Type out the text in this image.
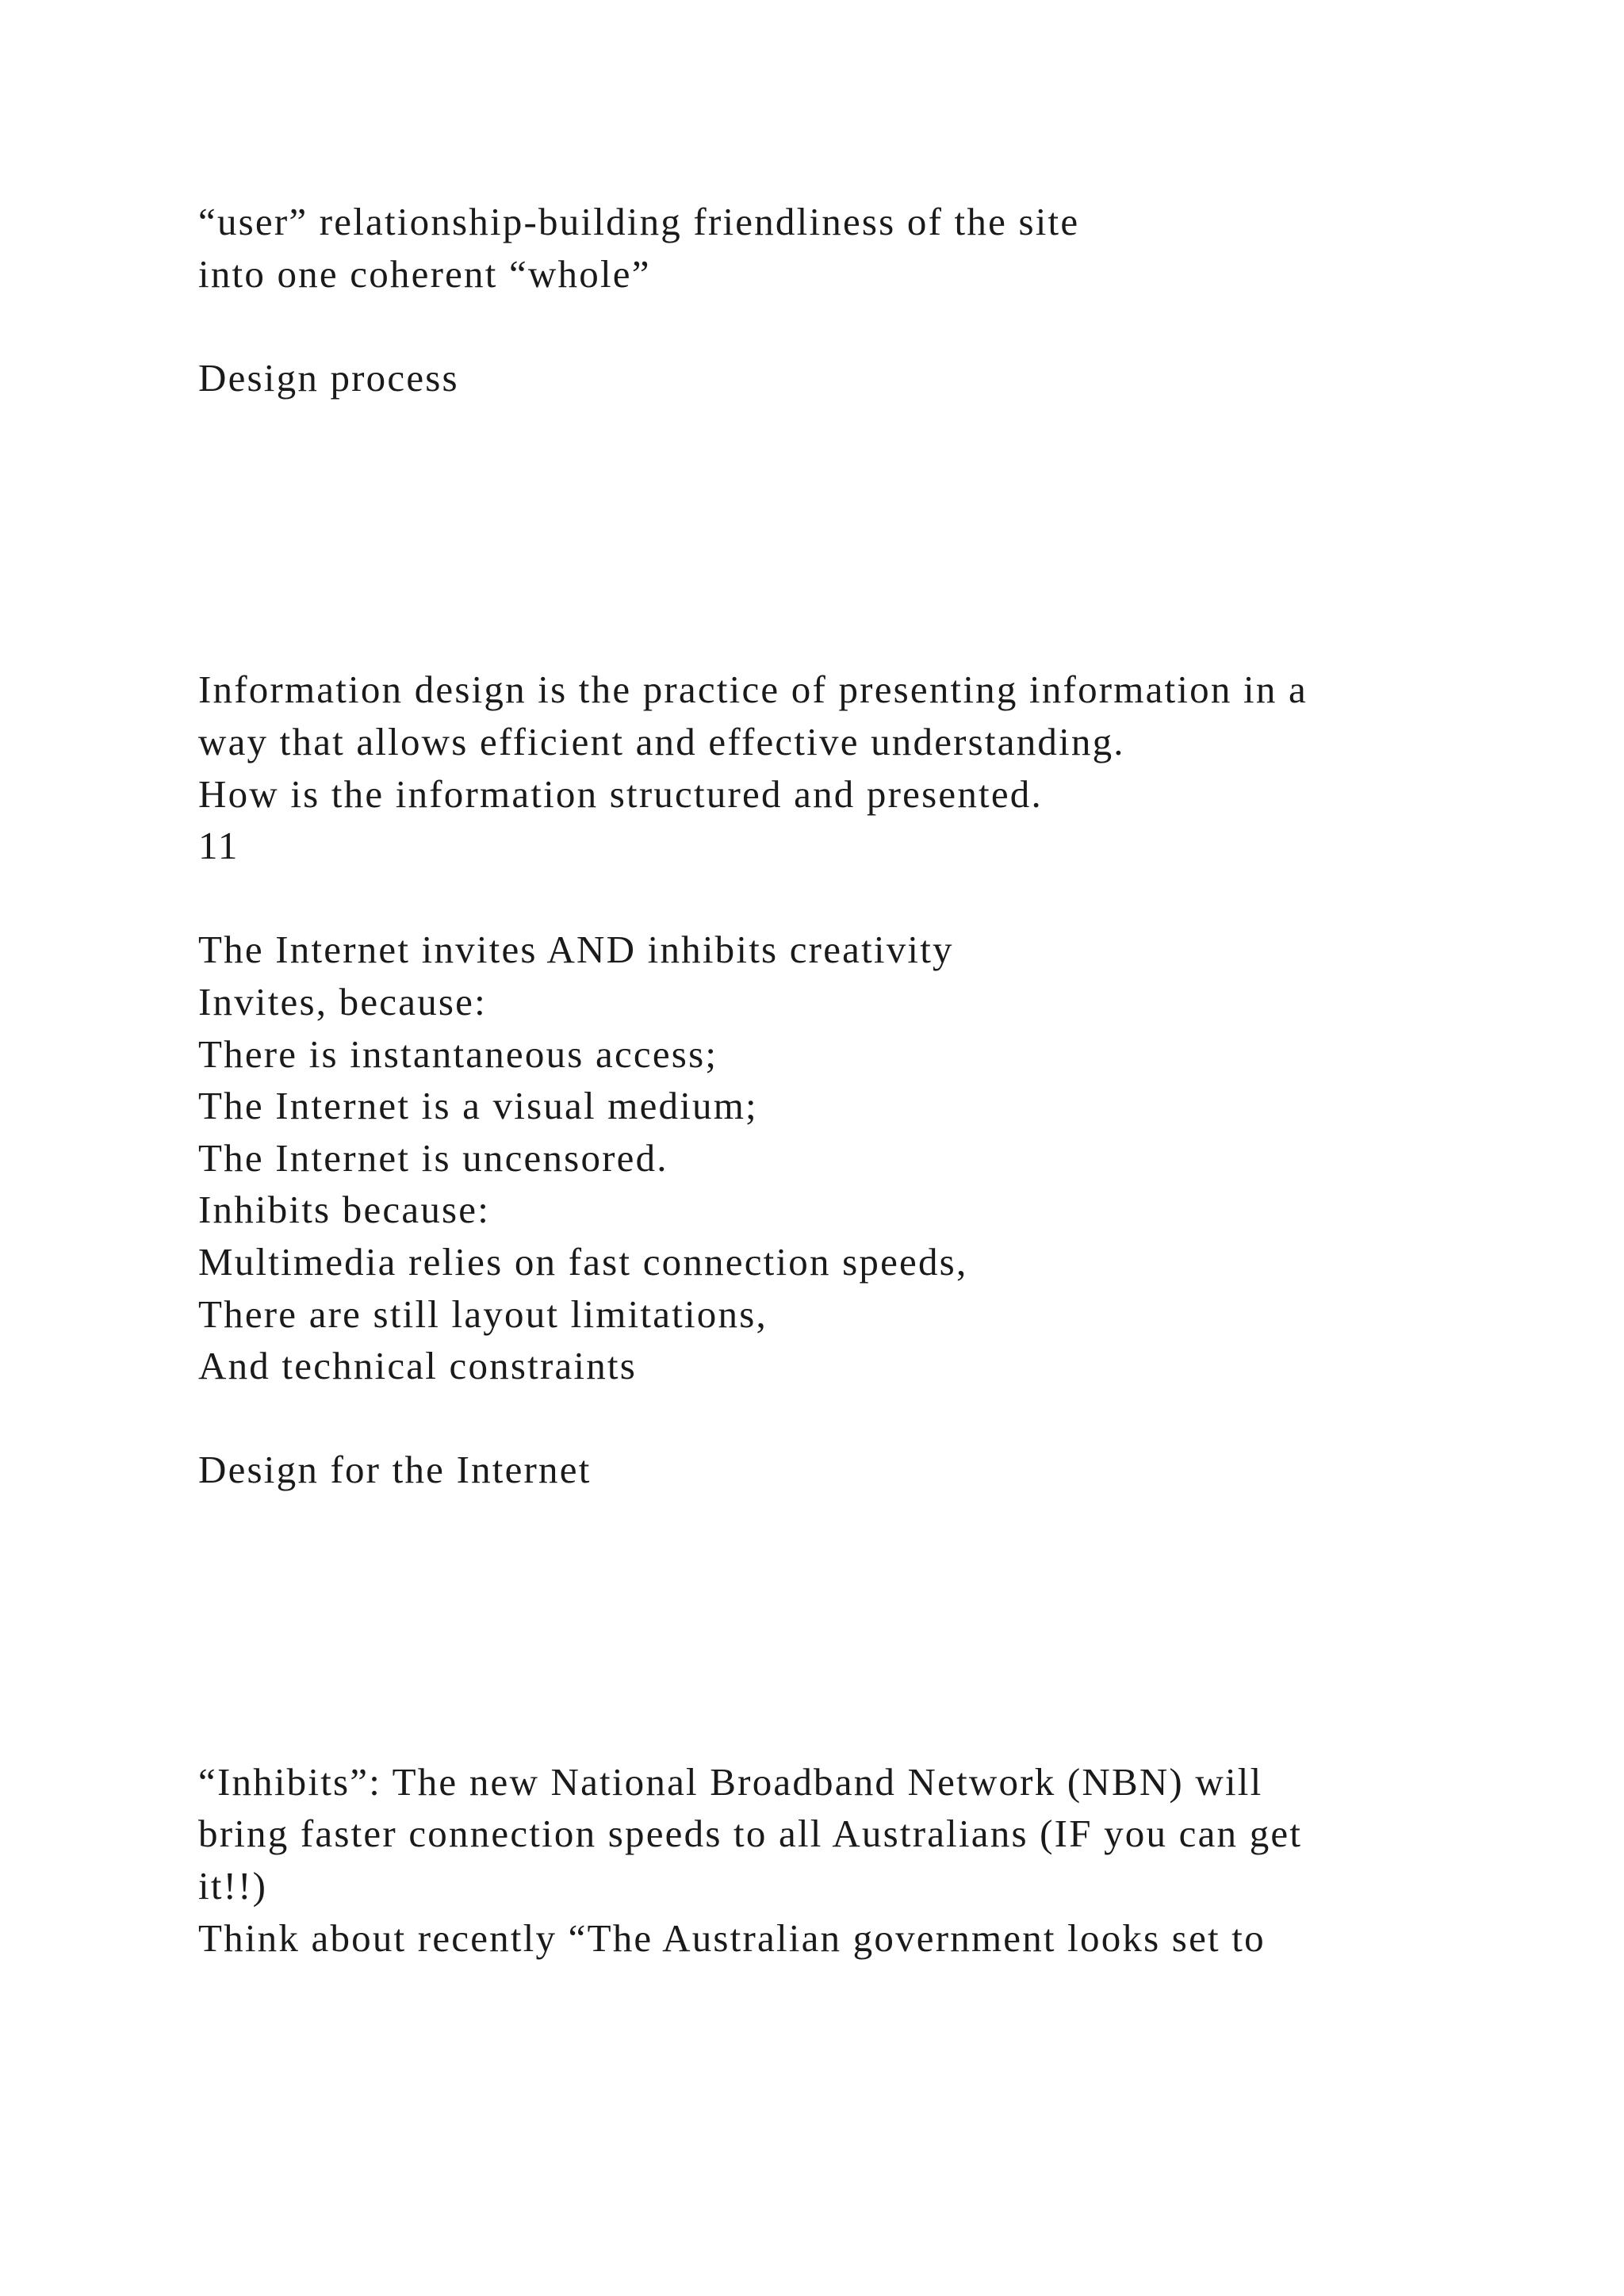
“user” relationship-building friendliness of the site
into one coherent “whole”
Design process
Information design is the practice of presenting information in a
way that allows efficient and effective understanding.
How is the information structured and presented.
11
The Internet invites AND inhibits creativity
Invites, because:
There is instantaneous access;
The Internet is a visual medium;
The Internet is uncensored.
Inhibits because:
Multimedia relies on fast connection speeds,
There are still layout limitations,
And technical constraints
Design for the Internet
“Inhibits”: The new National Broadband Network (NBN) will
bring faster connection speeds to all Australians (IF you can get
it!!)
Think about recently “The Australian government looks set to
